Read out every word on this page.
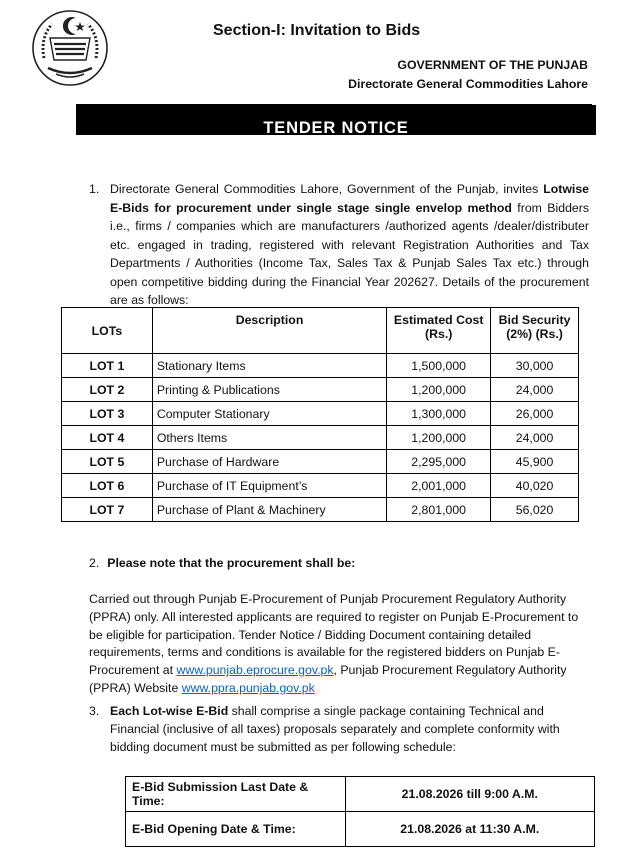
Section-I: Invitation to Bids
GOVERNMENT OF THE PUNJAB
Directorate General Commodities Lahore
TENDER NOTICE
1. Directorate General Commodities Lahore, Government of the Punjab, invites Lotwise E-Bids for procurement under single stage single envelop method from Bidders i.e., firms / companies which are manufacturers /authorized agents /dealer/distributer etc. engaged in trading, registered with relevant Registration Authorities and Tax Departments / Authorities (Income Tax, Sales Tax & Punjab Sales Tax etc.) through open competitive bidding during the Financial Year 202627. Details of the procurement are as follows:
LOTs	Description	Estimated Cost (Rs.)	Bid Security (2%) (Rs.)
LOT 1	Stationary Items	1,500,000	30,000
LOT 2	Printing & Publications	1,200,000	24,000
LOT 3	Computer Stationary	1,300,000	26,000
LOT 4	Others Items	1,200,000	24,000
LOT 5	Purchase of Hardware	2,295,000	45,900
LOT 6	Purchase of IT Equipment’s	2,001,000	40,020
LOT 7	Purchase of Plant & Machinery	2,801,000	56,020
2. Please note that the procurement shall be:
Carried out through Punjab E-Procurement of Punjab Procurement Regulatory Authority (PPRA) only. All interested applicants are required to register on Punjab E-Procurement to be eligible for participation. Tender Notice / Bidding Document containing detailed requirements, terms and conditions is available for the registered bidders on Punjab E-Procurement at www.punjab.eprocure.gov.pk, Punjab Procurement Regulatory Authority (PPRA) Website www.ppra.punjab.gov.pk
3. Each Lot-wise E-Bid shall comprise a single package containing Technical and Financial (inclusive of all taxes) proposals separately and complete conformity with bidding document must be submitted as per following schedule:
E-Bid Submission Last Date & Time:	21.08.2026 till 9:00 A.M.
E-Bid Opening Date & Time:	21.08.2026 at 11:30 A.M.
